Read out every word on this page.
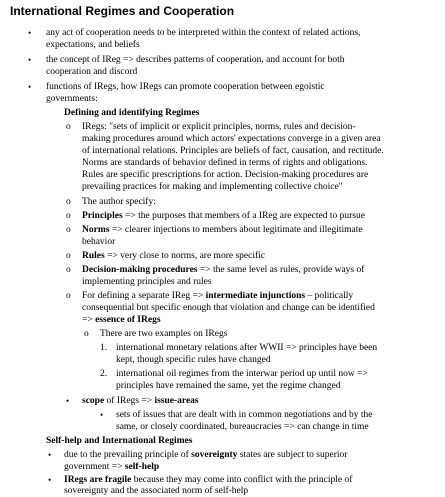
International Regimes and Cooperation
• any act of cooperation needs to be interpreted within the context of related actions,
expectations, and beliefs
• the concept of IReg => describes patterns of cooperation, and account for both
cooperation and discord
• functions of IRegs, how IRegs can promote cooperation between egoistic
governments:
Defining and identifying Regimes
o IRegs: "sets of implicit or explicit principles, norms, rules and decision-
making procedures around which actors' expectations converge in a given area
of international relations. Principles are beliefs of fact, causation, and rectitude.
Norms are standards of behavior defined in terms of rights and obligations.
Rules are specific prescriptions for action. Decision-making procedures are
prevailing practices for making and implementing collective choice"
o The author specify:
o Principles => the purposes that members of a IReg are expected to pursue
o Norms => clearer injections to members about legitimate and illegitimate
behavior
o Rules => very close to norms, are more specific
o Decision-making procedures => the same level as rules, provide ways of
implementing principles and rules
o For defining a separate IReg => intermediate injunctions – politically
consequential but specific enough that violation and change can be identified
=> essence of IRegs
o There are two examples on IRegs
1. international monetary relations after WWII => principles have been
kept, though specific rules have changed
2. international oil regimes from the interwar period up until now =>
principles have remained the same, yet the regime changed
• scope of IRegs => issue-areas
• sets of issues that are dealt with in common negotiations and by the
same, or closely coordinated, bureaucracies => can change in time
Self-help and International Regimes
• due to the prevailing principle of sovereignty states are subject to superior
government => self-help
• IRegs are fragile because they may come into conflict with the principle of
sovereignty and the associated norm of self-help
